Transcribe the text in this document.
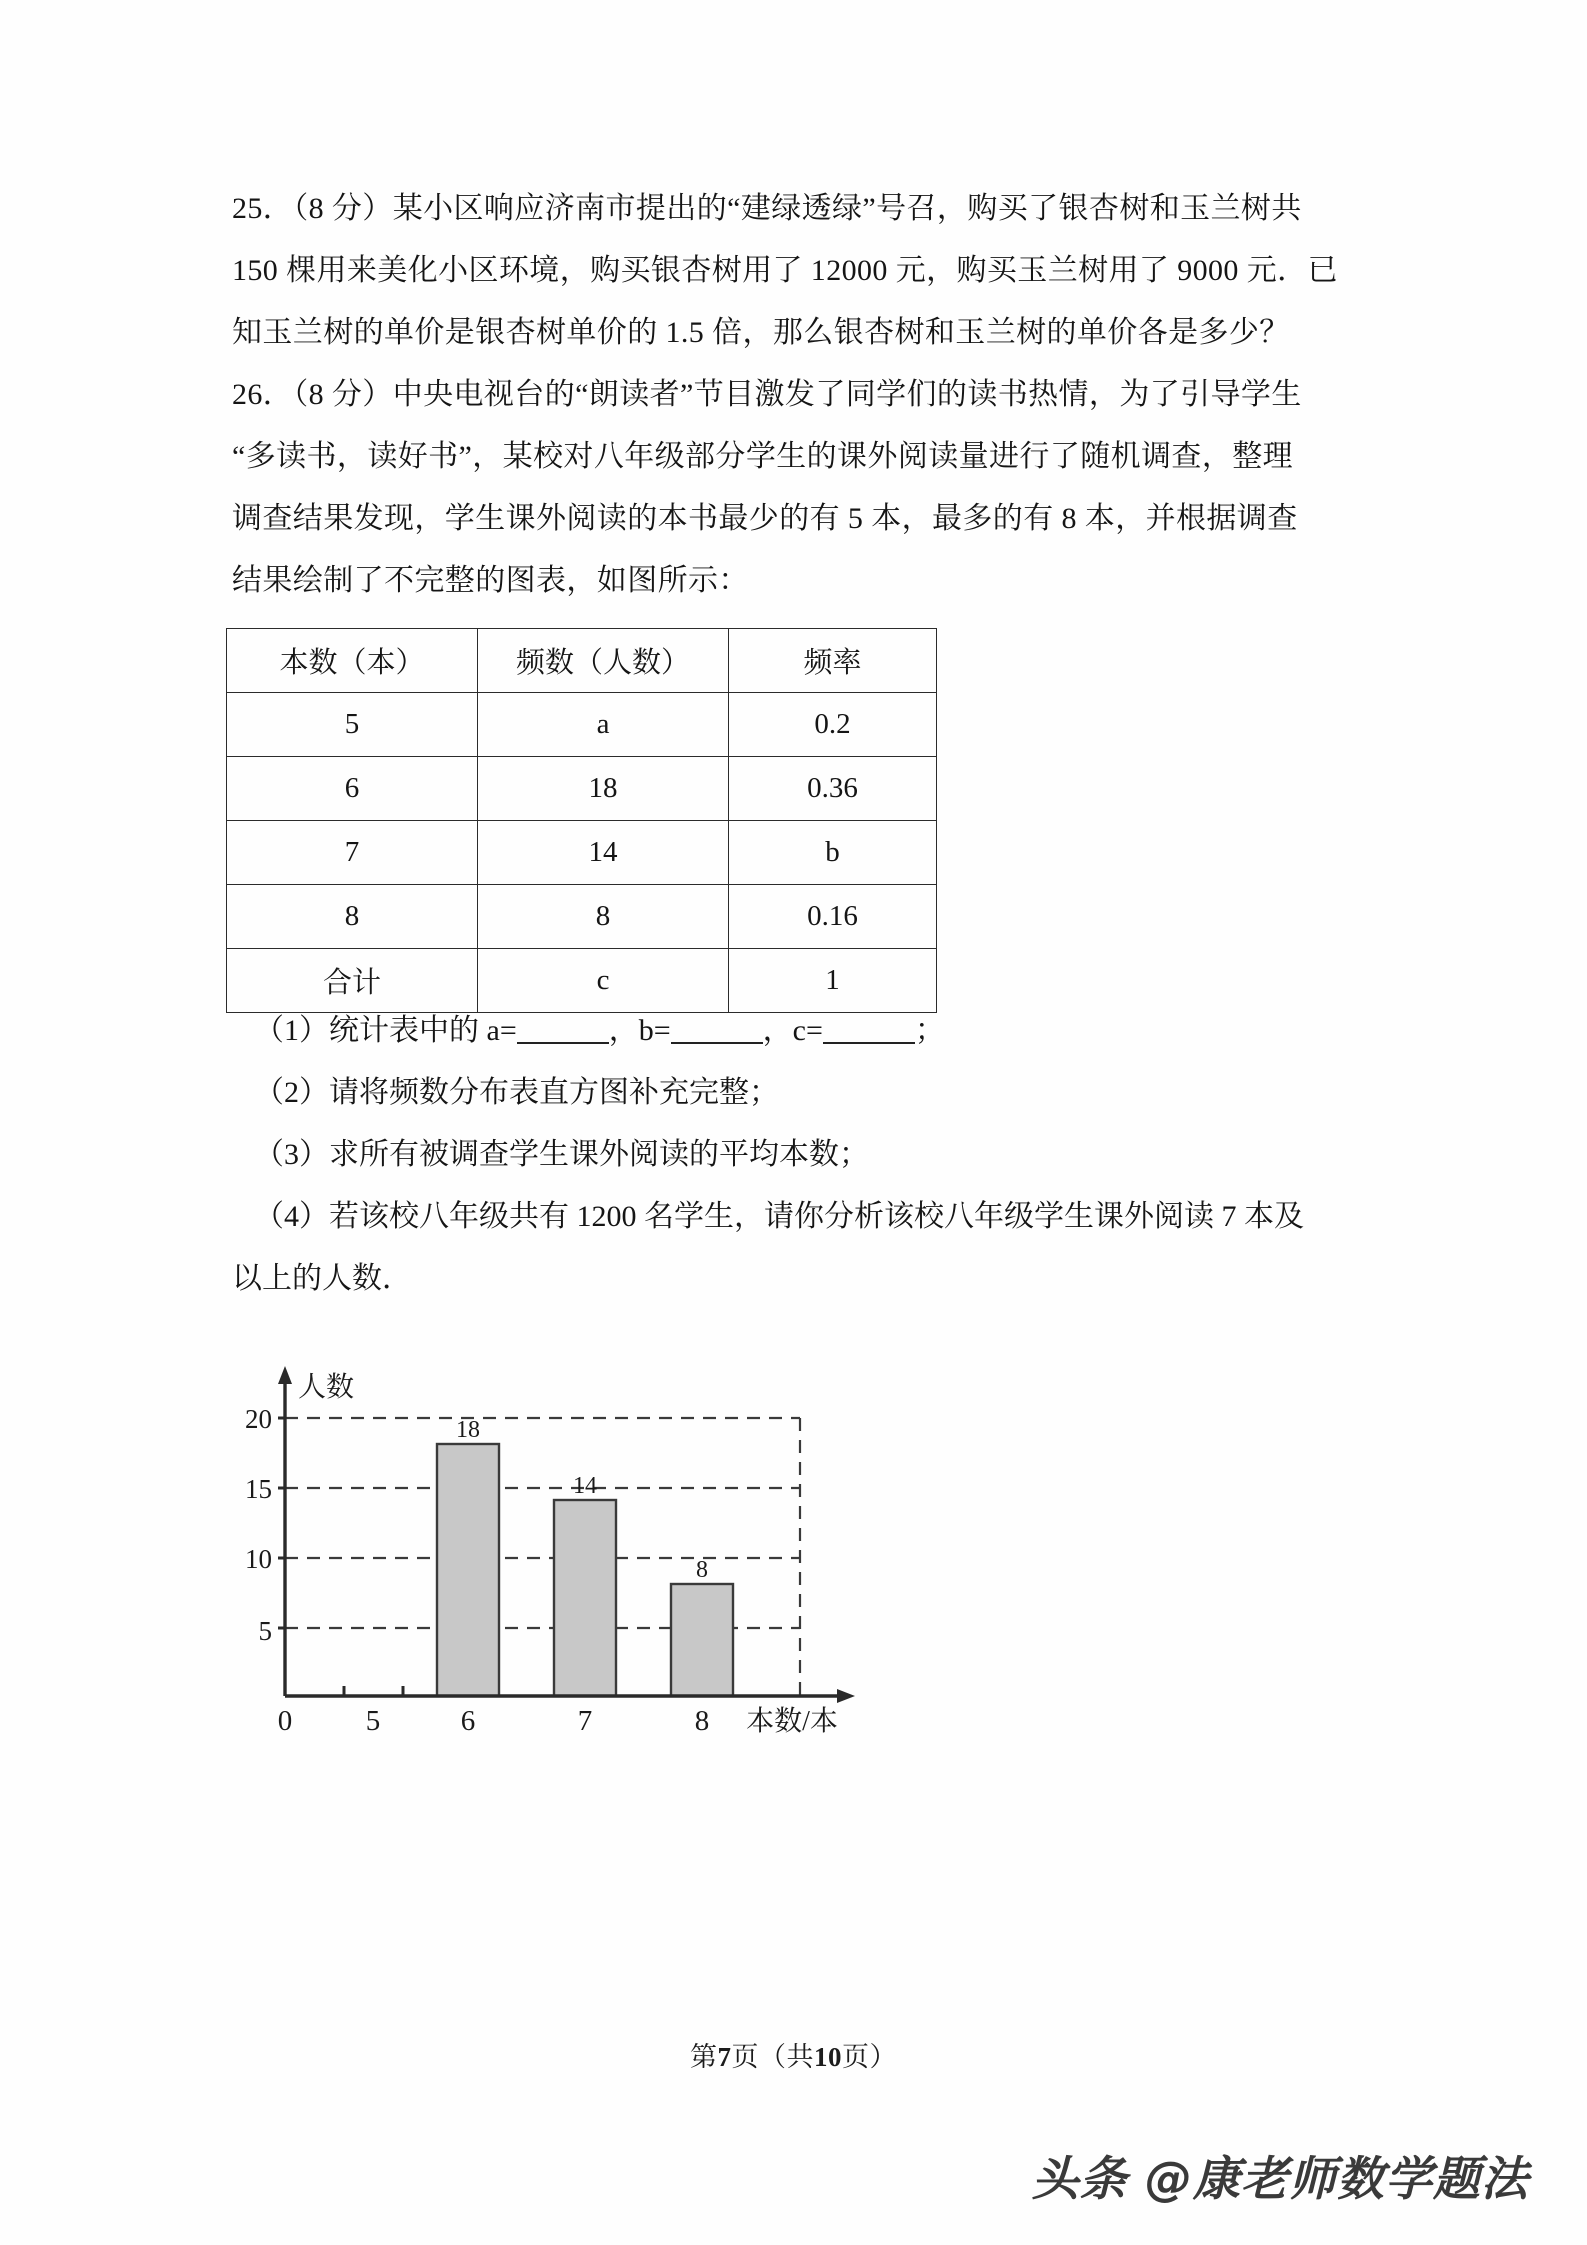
25．（8 分）某小区响应济南市提出的“建绿透绿”号召，购买了银杏树和玉兰树共
150 棵用来美化小区环境，购买银杏树用了 12000 元，购买玉兰树用了 9000 元．已
知玉兰树的单价是银杏树单价的 1.5 倍，那么银杏树和玉兰树的单价各是多少？
26．（8 分）中央电视台的“朗读者”节目激发了同学们的读书热情，为了引导学生
“多读书，读好书”，某校对八年级部分学生的课外阅读量进行了随机调查，整理
调查结果发现，学生课外阅读的本书最少的有 5 本，最多的有 8 本，并根据调查
结果绘制了不完整的图表，如图所示：
本数（本）	频数（人数）	频率
5	a	0.2
6	18	0.36
7	14	b
8	8	0.16
合计	c	1
（1）统计表中的 a=	，b=	，c=	；
（2）请将频数分布表直方图补充完整；
（3）求所有被调查学生课外阅读的平均本数；
（4）若该校八年级共有 1200 名学生，请你分析该校八年级学生课外阅读 7 本及
以上的人数．
18
14
8
5
10
15
20
0	5	6	7	8
人数
本数/本
第7页（共10页）
头条 @康老师数学题法
